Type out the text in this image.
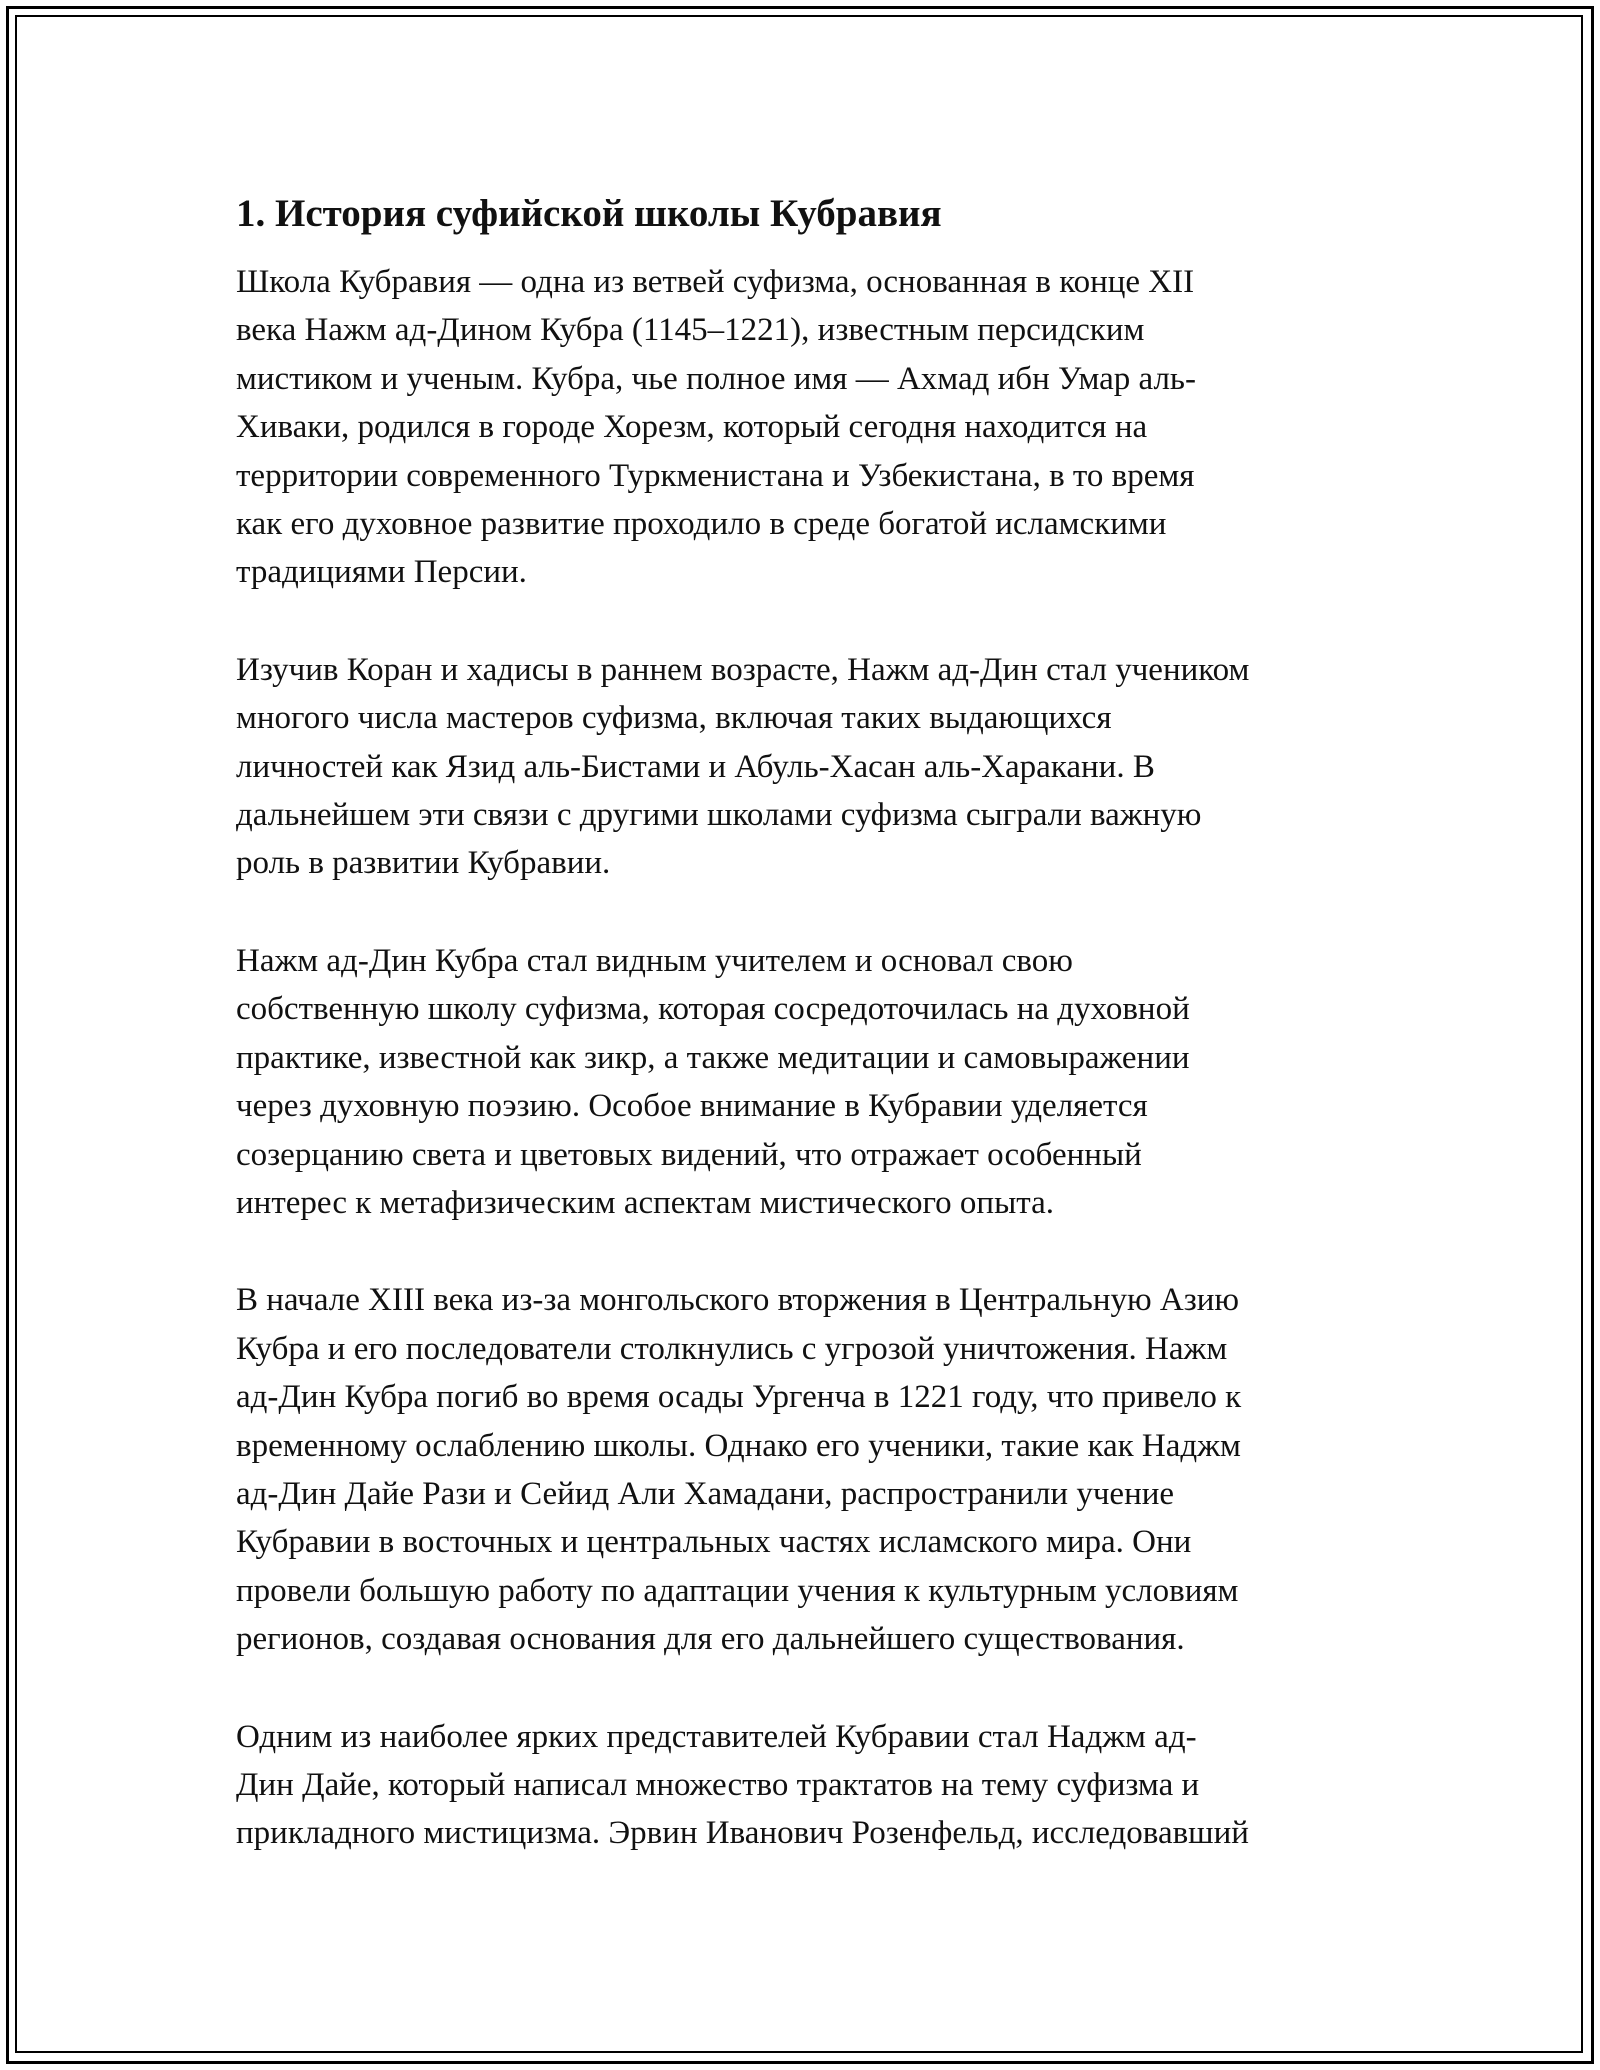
1. История суфийской школы Кубравия

Школа Кубравия — одна из ветвей суфизма, основанная в конце XII
века Нажм ад-Дином Кубра (1145–1221), известным персидским
мистиком и ученым. Кубра, чье полное имя — Ахмад ибн Умар аль-
Хиваки, родился в городе Хорезм, который сегодня находится на
территории современного Туркменистана и Узбекистана, в то время
как его духовное развитие проходило в среде богатой исламскими
традициями Персии.

Изучив Коран и хадисы в раннем возрасте, Нажм ад-Дин стал учеником
многого числа мастеров суфизма, включая таких выдающихся
личностей как Язид аль-Бистами и Абуль-Хасан аль-Харакани. В
дальнейшем эти связи с другими школами суфизма сыграли важную
роль в развитии Кубравии.

Нажм ад-Дин Кубра стал видным учителем и основал свою
собственную школу суфизма, которая сосредоточилась на духовной
практике, известной как зикр, а также медитации и самовыражении
через духовную поэзию. Особое внимание в Кубравии уделяется
созерцанию света и цветовых видений, что отражает особенный
интерес к метафизическим аспектам мистического опыта.

В начале XIII века из-за монгольского вторжения в Центральную Азию
Кубра и его последователи столкнулись с угрозой уничтожения. Нажм
ад-Дин Кубра погиб во время осады Ургенча в 1221 году, что привело к
временному ослаблению школы. Однако его ученики, такие как Наджм
ад-Дин Дайе Рази и Сейид Али Хамадани, распространили учение
Кубравии в восточных и центральных частях исламского мира. Они
провели большую работу по адаптации учения к культурным условиям
регионов, создавая основания для его дальнейшего существования.

Одним из наиболее ярких представителей Кубравии стал Наджм ад-
Дин Дайе, который написал множество трактатов на тему суфизма и
прикладного мистицизма. Эрвин Иванович Розенфельд, исследовавший
